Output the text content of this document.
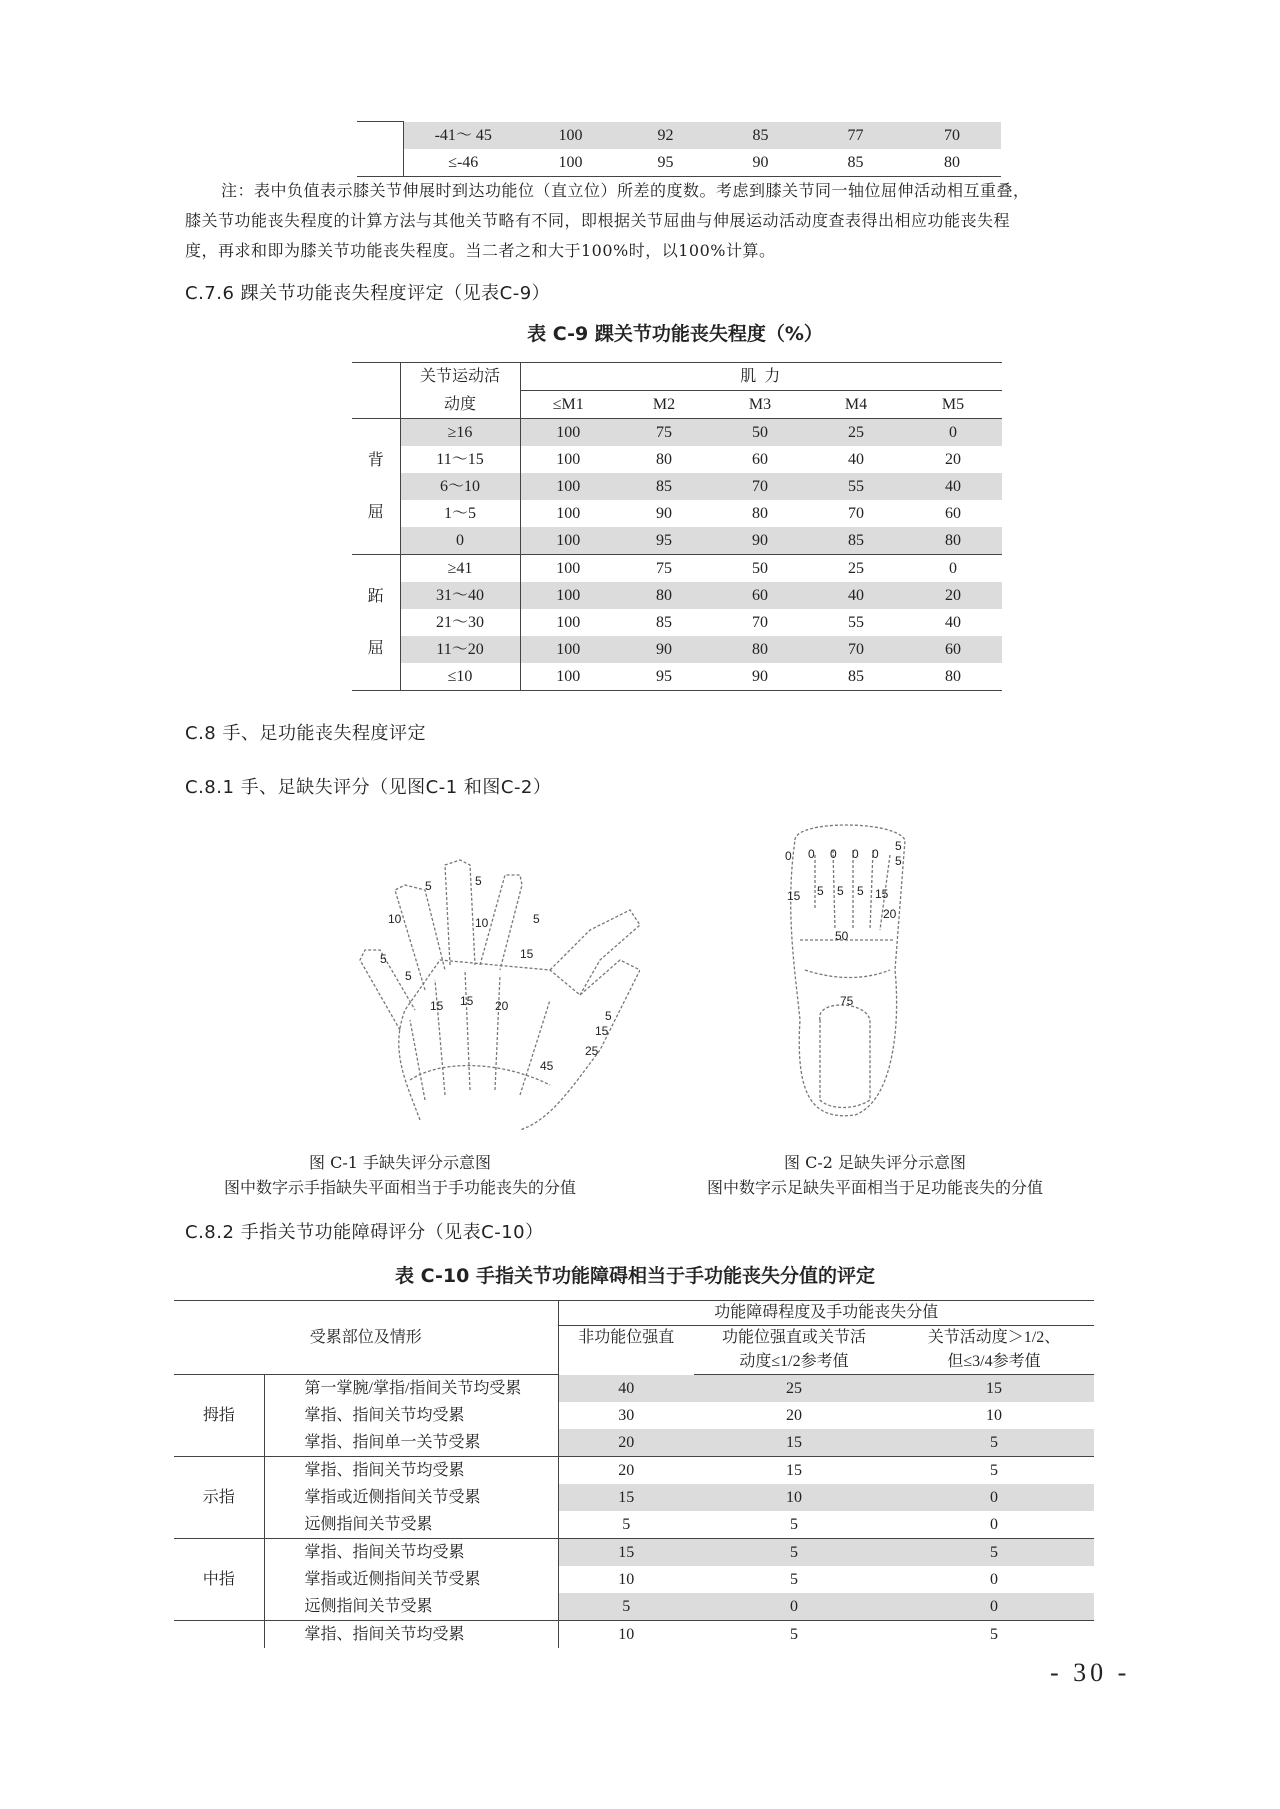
	-41～ 45	100	92	85	77	70
	≤-46	100	95	90	85	80
注：表中负值表示膝关节伸展时到达功能位（直立位）所差的度数。考虑到膝关节同一轴位屈伸活动相互重叠，
膝关节功能丧失程度的计算方法与其他关节略有不同，即根据关节屈曲与伸展运动活动度查表得出相应功能丧失程
度，再求和即为膝关节功能丧失程度。当二者之和大于100%时，以100%计算。
C.7.6 踝关节功能丧失程度评定（见表C-9）
表 C-9 踝关节功能丧失程度（%）
	关节运动活	肌 力				
	动度	≤M1	M2	M3	M4	M5

背
屈	≥16	100	75	50	25	0
	11～15	100	80	60	40	20
	6～10	100	85	70	55	40
	1～5	100	90	80	70	60
	0	100	95	90	85	80

跖
屈	≥41	100	75	50	25	0
	31～40	100	80	60	40	20
	21～30	100	85	70	55	40
	11～20	100	90	80	70	60
	≤10	100	95	90	85	80
C.8 手、足功能丧失程度评定
C.8.1 手、足缺失评分（见图C-1 和图C-2）
5	5
5
10	10
5	15
5
15 15 20
5
15
25
45
0 0 0 0 0
5
5
15 5 5 5 15
20
50
75
图 C-1 手缺失评分示意图
图中数字示手指缺失平面相当于手功能丧失的分值
图 C-2 足缺失评分示意图
图中数字示足缺失平面相当于足功能丧失的分值
C.8.2 手指关节功能障碍评分（见表C-10）
表 C-10 手指关节功能障碍相当于手功能丧失分值的评定
受累部位及情形		功能障碍程度及手功能丧失分值		
		非功能位强直	功能位强直或关节活	关节活动度＞1/2、
			动度≤1/2参考值	但≤3/4参考值
拇指	第一掌腕/掌指/指间关节均受累	40	25	15
	掌指、指间关节均受累	30	20	10
	掌指、指间单一关节受累	20	15	5
示指	掌指、指间关节均受累	20	15	5
	掌指或近侧指间关节受累	15	10	0
	远侧指间关节受累	5	5	0
中指	掌指、指间关节均受累	15	5	5
	掌指或近侧指间关节受累	10	5	0
	远侧指间关节受累	5	0	0
	掌指、指间关节均受累	10	5	5
- 30 -
